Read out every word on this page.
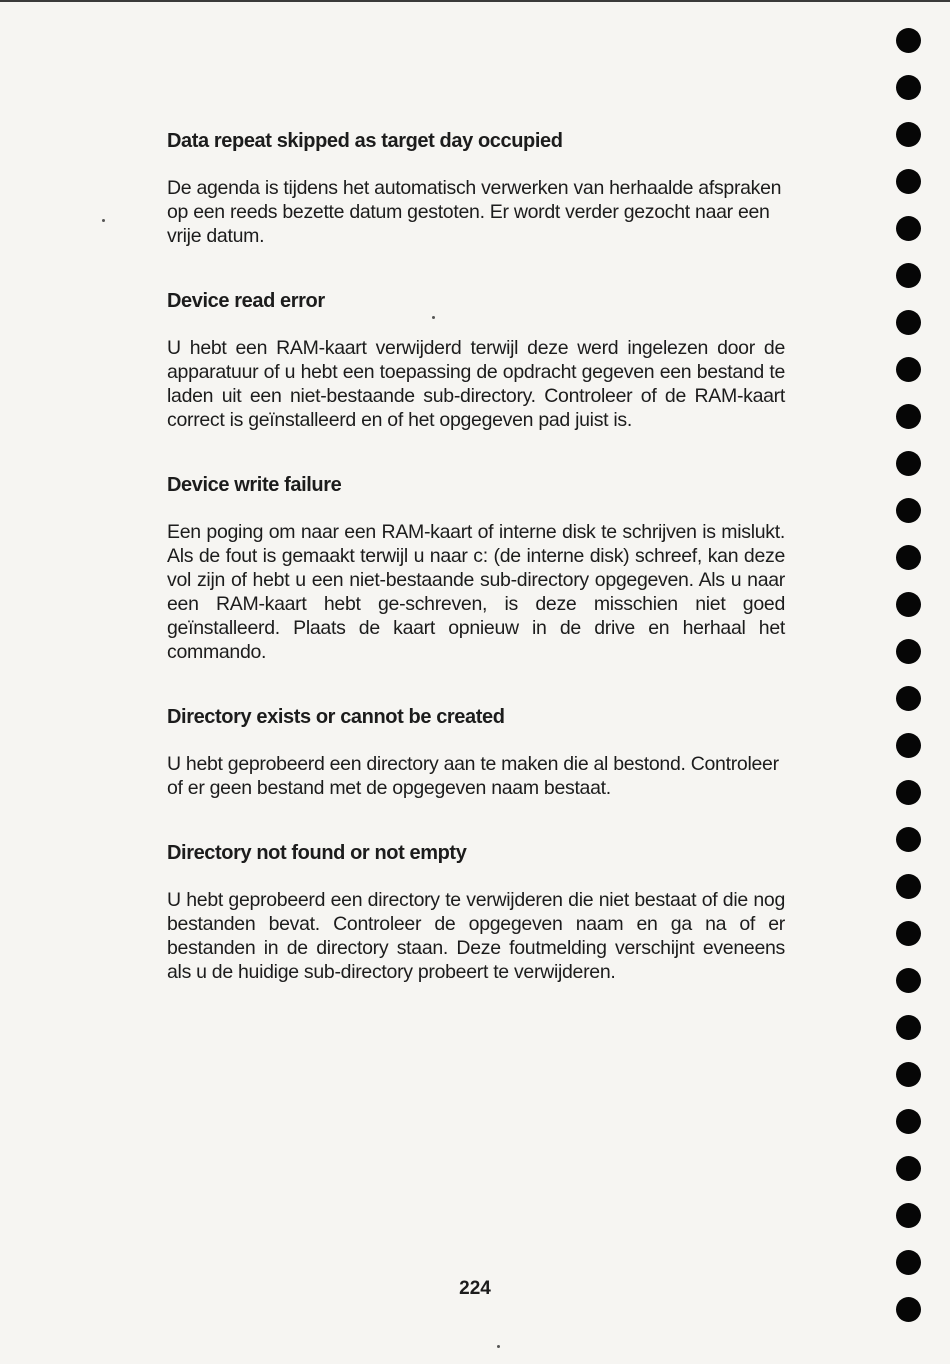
Data repeat skipped as target day occupied

De agenda is tijdens het automatisch verwerken van herhaalde afspraken op een reeds bezette datum gestoten. Er wordt verder gezocht naar een vrije datum.

Device read error

U hebt een RAM-kaart verwijderd terwijl deze werd ingelezen door de apparatuur of u hebt een toepassing de opdracht gegeven een bestand te laden uit een niet-bestaande sub-directory. Controleer of de RAM-kaart correct is geïnstalleerd en of het opgegeven pad juist is.

Device write failure

Een poging om naar een RAM-kaart of interne disk te schrijven is mislukt. Als de fout is gemaakt terwijl u naar c: (de interne disk) schreef, kan deze vol zijn of hebt u een niet-bestaande sub-directory opgegeven. Als u naar een RAM-kaart hebt ge-schreven, is deze misschien niet goed geïnstalleerd. Plaats de kaart opnieuw in de drive en herhaal het commando.

Directory exists or cannot be created

U hebt geprobeerd een directory aan te maken die al bestond. Controleer of er geen bestand met de opgegeven naam bestaat.

Directory not found or not empty

U hebt geprobeerd een directory te verwijderen die niet bestaat of die nog bestanden bevat. Controleer de opgegeven naam en ga na of er bestanden in de directory staan. Deze foutmelding verschijnt eveneens als u de huidige sub-directory probeert te verwijderen.

224
